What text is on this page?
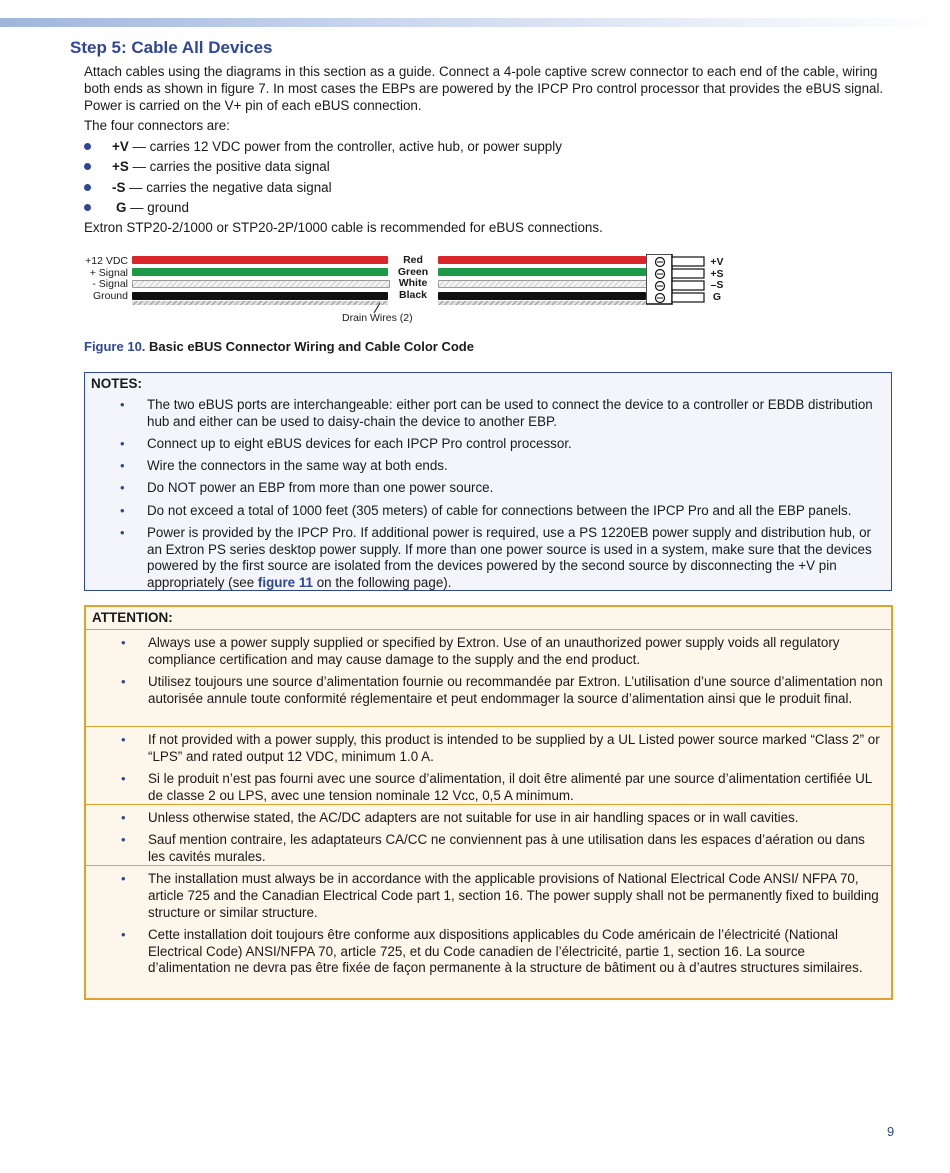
Step 5: Cable All Devices

Attach cables using the diagrams in this section as a guide. Connect a 4-pole captive screw connector to each end of the cable, wiring both ends as shown in figure 7. In most cases the EBPs are powered by the IPCP Pro control processor that provides the eBUS signal. Power is carried on the V+ pin of each eBUS connection.

The four connectors are:

+V — carries 12 VDC power from the controller, active hub, or power supply
+S — carries the positive data signal
-S — carries the negative data signal
G — ground

Extron STP20-2/1000 or STP20-2P/1000 cable is recommended for eBUS connections.

+12 VDC
+ Signal
- Signal
Ground
Red
Green
White
Black
+V
+S
–S
G
Drain Wires (2)
Figure 10. Basic eBUS Connector Wiring and Cable Color Code
NOTES:
• The two eBUS ports are interchangeable: either port can be used to connect the device to a controller or EBDB distribution hub and either can be used to daisy-chain the device to another EBP.
• Connect up to eight eBUS devices for each IPCP Pro control processor.
• Wire the connectors in the same way at both ends.
• Do NOT power an EBP from more than one power source.
• Do not exceed a total of 1000 feet (305 meters) of cable for connections between the IPCP Pro and all the EBP panels.
• Power is provided by the IPCP Pro. If additional power is required, use a PS 1220EB power supply and distribution hub, or an Extron PS series desktop power supply. If more than one power source is used in a system, make sure that the devices powered by the first source are isolated from the devices powered by the second source by disconnecting the +V pin appropriately (see figure 11 on the following page).
ATTENTION:
• Always use a power supply supplied or specified by Extron. Use of an unauthorized power supply voids all regulatory compliance certification and may cause damage to the supply and the end product.
• Utilisez toujours une source d’alimentation fournie ou recommandée par Extron. L’utilisation d’une source d’alimentation non autorisée annule toute conformité réglementaire et peut endommager la source d’alimentation ainsi que le produit final.
• If not provided with a power supply, this product is intended to be supplied by a UL Listed power source marked “Class 2” or “LPS” and rated output 12 VDC, minimum 1.0 A.
• Si le produit n’est pas fourni avec une source d’alimentation, il doit être alimenté par une source d’alimentation certifiée UL de classe 2 ou LPS, avec une tension nominale 12 Vcc, 0,5 A minimum.
• Unless otherwise stated, the AC/DC adapters are not suitable for use in air handling spaces or in wall cavities.
• Sauf mention contraire, les adaptateurs CA/CC ne conviennent pas à une utilisation dans les espaces d’aération ou dans les cavités murales.
• The installation must always be in accordance with the applicable provisions of National Electrical Code ANSI/ NFPA 70, article 725 and the Canadian Electrical Code part 1, section 16. The power supply shall not be permanently fixed to building structure or similar structure.
• Cette installation doit toujours être conforme aux dispositions applicables du Code américain de l’électricité (National Electrical Code) ANSI/NFPA 70, article 725, et du Code canadien de l’électricité, partie 1, section 16. La source d’alimentation ne devra pas être fixée de façon permanente à la structure de bâtiment ou à d’autres structures similaires.
9
